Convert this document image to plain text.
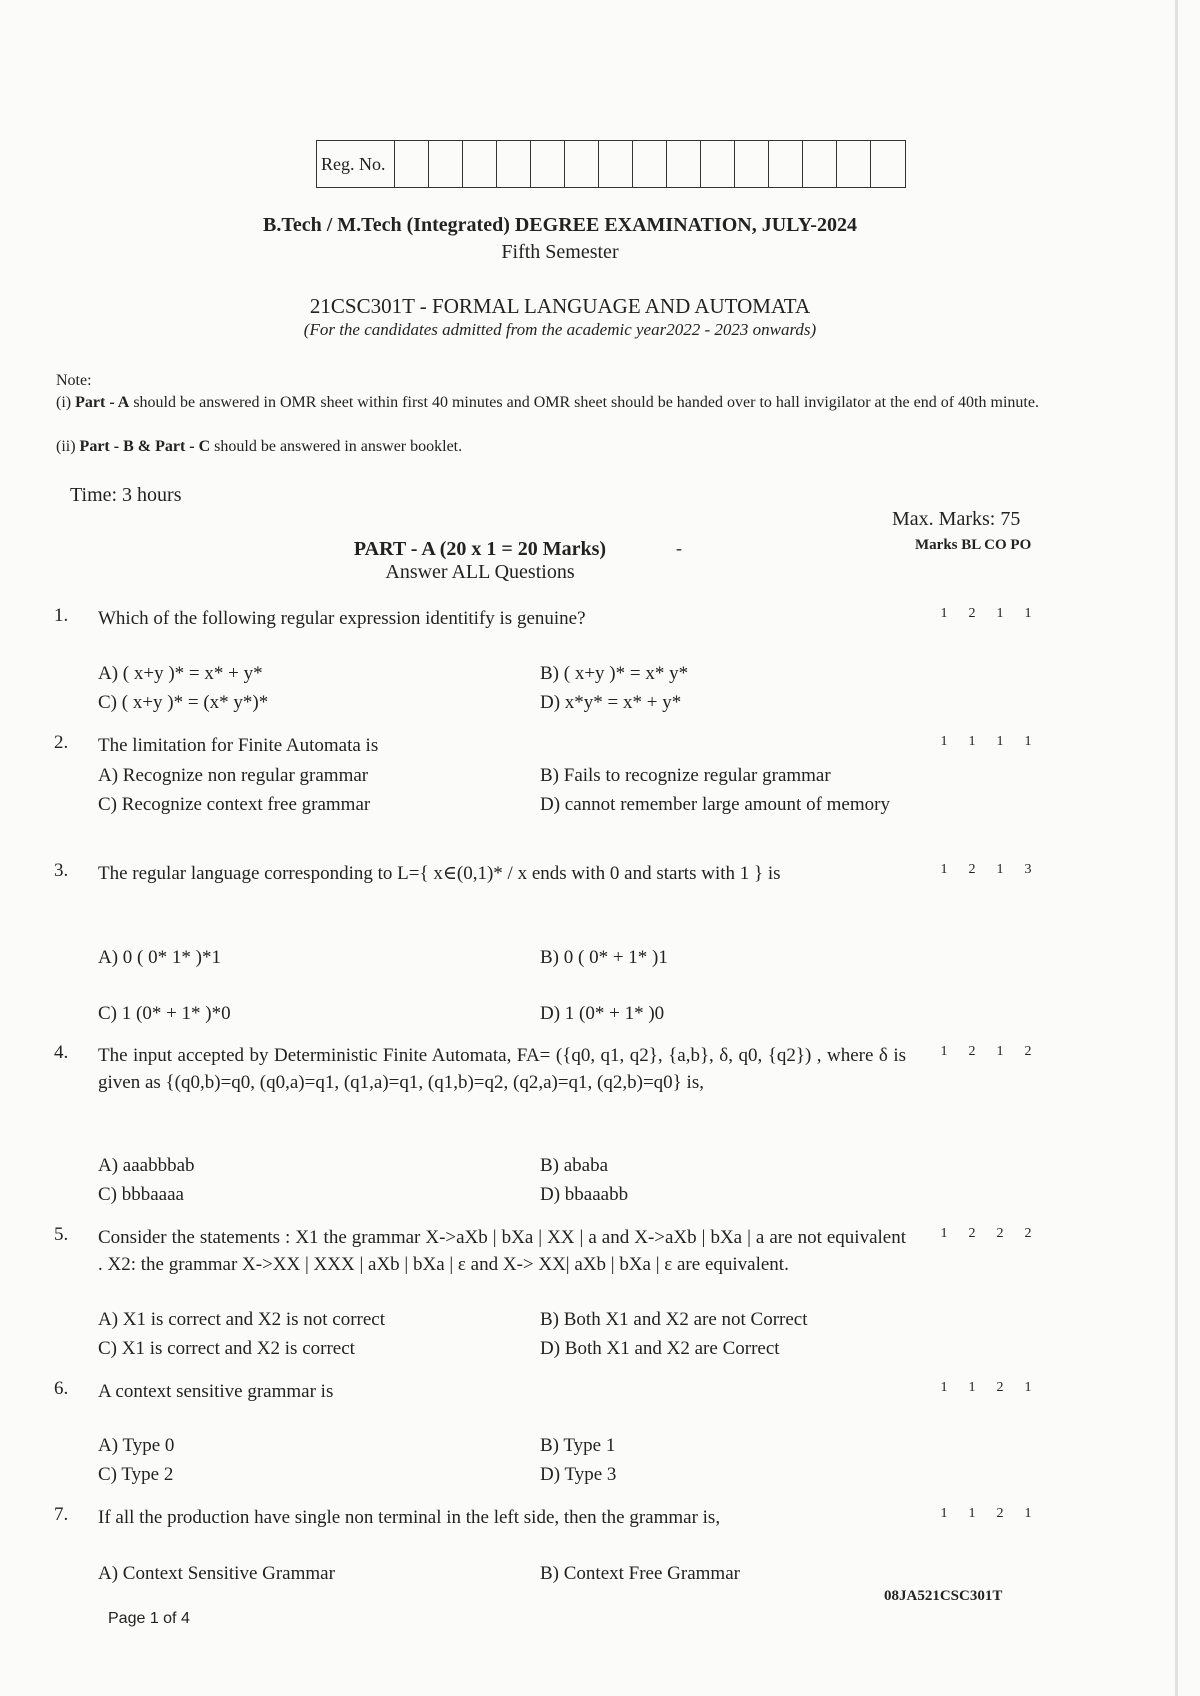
Reg. No.
B.Tech / M.Tech (Integrated) DEGREE EXAMINATION, JULY-2024
Fifth Semester
21CSC301T - FORMAL LANGUAGE AND AUTOMATA
(For the candidates admitted from the academic year2022 - 2023 onwards)
Note:
(i) Part - A should be answered in OMR sheet within first 40 minutes and OMR sheet should be handed over to hall invigilator at the end of 40th minute.
(ii) Part - B & Part - C should be answered in answer booklet.
Time: 3 hours
Max. Marks: 75
Marks BL CO PO
PART - A (20 x 1 = 20 Marks)
Answer ALL Questions
-
1. Which of the following regular expression identitify is genuine?	1 2 1 1
A) ( x+y )* = x* + y*	B) ( x+y )* = x* y*
C) ( x+y )* = (x* y*)*	D) x*y* = x* + y*
2. The limitation for Finite Automata is	1 1 1 1
A) Recognize non regular grammar	B) Fails to recognize regular grammar
C) Recognize context free grammar	D) cannot remember large amount of memory
3. The regular language corresponding to L={ x∈(0,1)* / x ends with 0 and starts with 1 } is	1 2 1 3
A) 0 ( 0* 1* )*1	B) 0 ( 0* + 1* )1
C) 1 (0* + 1* )*0	D) 1 (0* + 1* )0
4. The input accepted by Deterministic Finite Automata, FA= ({q0, q1, q2}, {a,b}, δ, q0, {q2}) , where δ is given as {(q0,b)=q0, (q0,a)=q1, (q1,a)=q1, (q1,b)=q2, (q2,a)=q1, (q2,b)=q0} is,
1 2 1 2
A) aaabbbab	B) ababa
C) bbbaaaa	D) bbaaabb
5. Consider the statements : X1 the grammar X->aXb | bXa | XX | a and X->aXb | bXa | a are not equivalent . X2: the grammar X->XX | XXX | aXb | bXa | ε and X-> XX| aXb | bXa | ε are equivalent.
1 2 2 2
A) X1 is correct and X2 is not correct	B) Both X1 and X2 are not Correct
C) X1 is correct and X2 is correct	D) Both X1 and X2 are Correct
6. A context sensitive grammar is	1 1 2 1
A) Type 0	B) Type 1
C) Type 2	D) Type 3
7. If all the production have single non terminal in the left side, then the grammar is,	1 1 2 1
A) Context Sensitive Grammar	B) Context Free Grammar
08JA521CSC301T
Page 1 of 4
